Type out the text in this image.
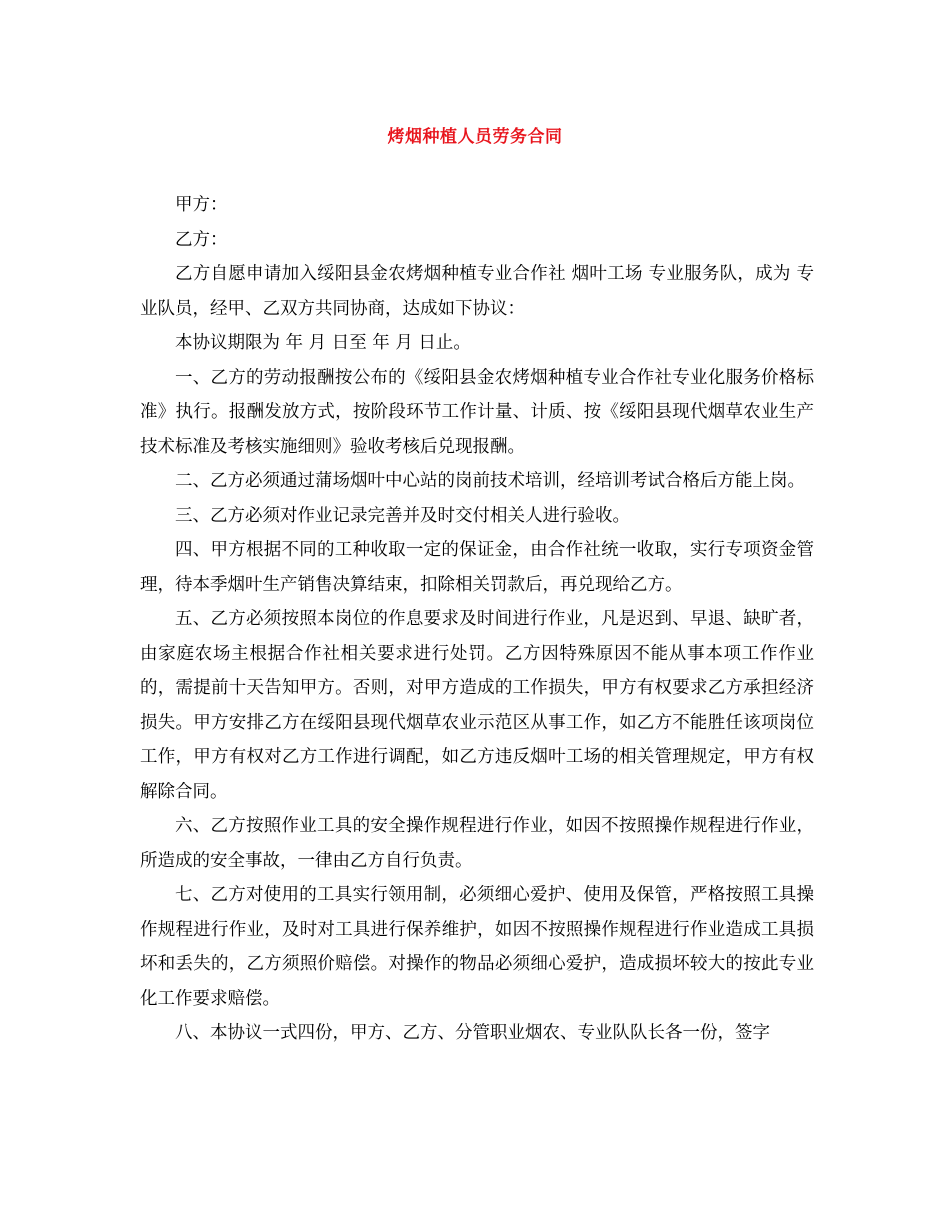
烤烟种植人员劳务合同

甲方：

乙方：

乙方自愿申请加入绥阳县金农烤烟种植专业合作社 烟叶工场 专业服务队，成为 专业队员，经甲、乙双方共同协商，达成如下协议：

本协议期限为 年 月 日至 年 月 日止。

一、乙方的劳动报酬按公布的《绥阳县金农烤烟种植专业合作社专业化服务价格标准》执行。报酬发放方式，按阶段环节工作计量、计质、按《绥阳县现代烟草农业生产技术标准及考核实施细则》验收考核后兑现报酬。

二、乙方必须通过蒲场烟叶中心站的岗前技术培训，经培训考试合格后方能上岗。

三、乙方必须对作业记录完善并及时交付相关人进行验收。

四、甲方根据不同的工种收取一定的保证金，由合作社统一收取，实行专项资金管理，待本季烟叶生产销售决算结束，扣除相关罚款后，再兑现给乙方。

五、乙方必须按照本岗位的作息要求及时间进行作业，凡是迟到、早退、缺旷者，由家庭农场主根据合作社相关要求进行处罚。乙方因特殊原因不能从事本项工作作业的，需提前十天告知甲方。否则，对甲方造成的工作损失，甲方有权要求乙方承担经济损失。甲方安排乙方在绥阳县现代烟草农业示范区从事工作，如乙方不能胜任该项岗位工作，甲方有权对乙方工作进行调配，如乙方违反烟叶工场的相关管理规定，甲方有权解除合同。

六、乙方按照作业工具的安全操作规程进行作业，如因不按照操作规程进行作业，所造成的安全事故，一律由乙方自行负责。

七、乙方对使用的工具实行领用制，必须细心爱护、使用及保管，严格按照工具操作规程进行作业，及时对工具进行保养维护，如因不按照操作规程进行作业造成工具损坏和丢失的，乙方须照价赔偿。对操作的物品必须细心爱护，造成损坏较大的按此专业化工作要求赔偿。

八、本协议一式四份，甲方、乙方、分管职业烟农、专业队队长各一份，签字
